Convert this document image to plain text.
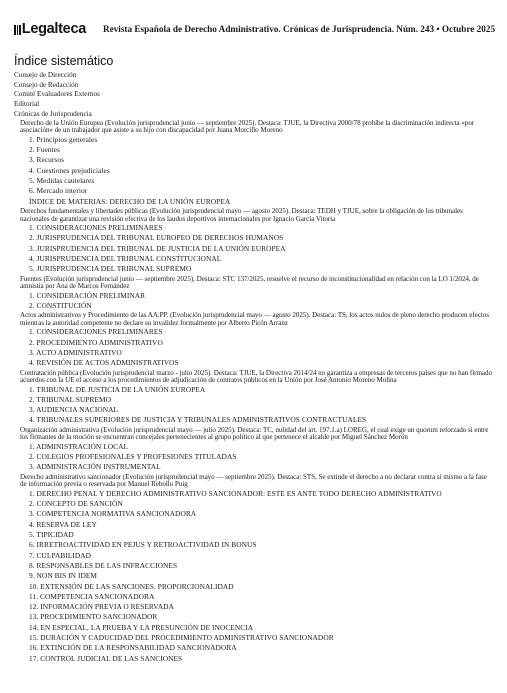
Legalteca Revista Española de Derecho Administrativo. Crónicas de Jurisprudencia. Núm. 243 • Octubre 2025
Índice sistemático
Consejo de Dirección
Consejo de Redacción
Comité Evaluadores Externos
Editorial
Crónicas de Jurisprudencia
Derecho de la Unión Europea (Evolución jurisprudencial junio — septiembre 2025). Destaca: TJUE, la Directiva 2000/78 prohíbe la discriminación indirecta «por asociación» de un trabajador que asiste a su hijo con discapacidad por Juana Morcillo Moreno
1. Principios generales
2. Fuentes
3. Recursos
4. Cuestiones prejudiciales
5. Medidas cautelares
6. Mercado interior
ÍNDICE DE MATERIAS: DERECHO DE LA UNIÓN EUROPEA
Derechos fundamentales y libertades públicas (Evolución jurisprudencial mayo — agosto 2025). Destaca: TEDH y TJUE, sobre la obligación de los tribunales nacionales de garantizar una revisión efectiva de los laudos deportivos internacionales por Ignacio García Vitoria
1. CONSIDERACIONES PRELIMINARES
2. JURISPRUDENCIA DEL TRIBUNAL EUROPEO DE DERECHOS HUMANOS
3. JURISPRUDENCIA DEL TRIBUNAL DE JUSTICIA DE LA UNIÓN EUROPEA
4. JURISPRUDENCIA DEL TRIBUNAL CONSTITUCIONAL
5. JURISPRUDENCIA DEL TRIBUNAL SUPREMO
Fuentes (Evolución jurisprudencial junio — septiembre 2025). Destaca: STC 137/2025, resuelve el recurso de inconstitucionalidad en relación con la LO 1/2024, de amnistía por Ana de Marcos Fernández
1. CONSIDERACIÓN PRELIMINAR
2. CONSTITUCIÓN
Actos administrativos y Procedimiento de las AA.PP. (Evolución jurisprudencial mayo — agosto 2025). Destaca: TS, los actos nulos de pleno derecho producen efectos mientras la autoridad competente no declare su invalidez formalmente por Alberto Picón Arranz
1. CONSIDERACIONES PRELIMINARES
2. PROCEDIMIENTO ADMINISTRATIVO
3. ACTO ADMINISTRATIVO
4. REVISIÓN DE ACTOS ADMINISTRATIVOS
Contratación pública (Evolución jurisprudencial marzo - julio 2025). Destaca: TJUE, la Directiva 2014/24 no garantiza a empresas de terceros países que no han firmado acuerdos con la UE el acceso a los procedimientos de adjudicación de contratos públicos en la Unión por José Antonio Moreno Molina
1. TRIBUNAL DE JUSTICIA DE LA UNIÓN EUROPEA
2. TRIBUNAL SUPREMO
3. AUDIENCIA NACIONAL
4. TRIBUNALES SUPERIORES DE JUSTICIA Y TRIBUNALES ADMINISTRATIVOS CONTRACTUALES
Organización administrativa (Evolución jurisprudencial mayo — julio 2025). Destaca: TC, nulidad del art. 197.1.a) LOREG, el cual exige un quorum reforzado si entre los firmantes de la moción se encuentran concejales pertenecientes al grupo político al que pertenece el alcalde por Miguel Sánchez Morón
1. ADMINISTRACIÓN LOCAL
2. COLEGIOS PROFESIONALES Y PROFESIONES TITULADAS
3. ADMINISTRACIÓN INSTRUMENTAL
Derecho administrativo sancionador (Evolución jurisprudencial mayo — septiembre 2025). Destaca: STS, Se extinde el derecho a no declarar contra sí mismo a la fase de información previa o reservada por Manuel Rebollo Puig
1. DERECHO PENAL Y DERECHO ADMINISTRATIVO SANCIONADOR: ESTE ES ANTE TODO DERECHO ADMINISTRATIVO
2. CONCEPTO DE SANCIÓN
3. COMPETENCIA NORMATIVA SANCIONADORA
4. RESERVA DE LEY
5. TIPICIDAD
6. IRRETROACTIVIDAD EN PEJUS Y RETROACTIVIDAD IN BONUS
7. CULPABILIDAD
8. RESPONSABLES DE LAS INFRACCIONES
9. NON BIS IN IDEM
10. EXTENSIÓN DE LAS SANCIONES. PROPORCIONALIDAD
11. COMPETENCIA SANCIONADORA
12. INFORMACIÓN PREVIA O RESERVADA
13. PROCEDIMIENTO SANCIONADOR
14. EN ESPECIAL, LA PRUEBA Y LA PRESUNCIÓN DE INOCENCIA
15. DURACIÓN Y CADUCIDAD DEL PROCEDIMIENTO ADMINISTRATIVO SANCIONADOR
16. EXTINCIÓN DE LA RESPONSABILIDAD SANCIONADORA
17. CONTROL JUDICIAL DE LAS SANCIONES
